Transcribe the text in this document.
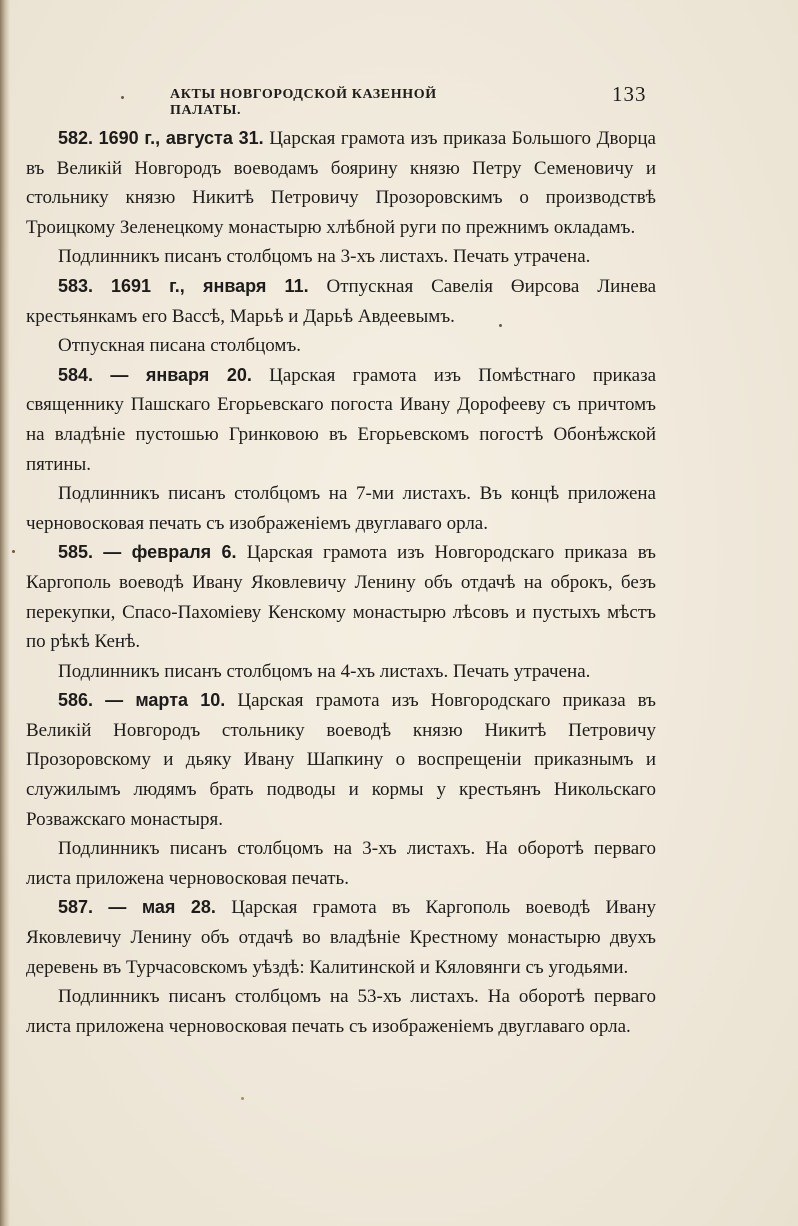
АКТЫ НОВГОРОДСКОЙ КАЗЕННОЙ ПАЛАТЫ.
133

582. 1690 г., августа 31. Царская грамота изъ приказа Большого Дворца въ Великій Новгородъ воеводамъ боярину князю Петру Семеновичу и стольнику князю Никитѣ Петровичу Прозоровскимъ о производствѣ Троицкому Зеленецкому монастырю хлѣбной руги по прежнимъ окладамъ.

Подлинникъ писанъ столбцомъ на 3-хъ листахъ. Печать утрачена.

583. 1691 г., января 11. Отпускная Савелія Өирсова Линева крестьянкамъ его Вассѣ, Марьѣ и Дарьѣ Авдеевымъ.

Отпускная писана столбцомъ.

584. — января 20. Царская грамота изъ Помѣстнаго приказа священнику Пашскаго Егорьевскаго погоста Ивану Дорофееву съ причтомъ на владѣніе пустошью Гринковою въ Егорьевскомъ погостѣ Обонѣжской пятины.

Подлинникъ писанъ столбцомъ на 7-ми листахъ. Въ концѣ приложена черновосковая печать съ изображеніемъ двуглаваго орла.

585. — февраля 6. Царская грамота изъ Новгородскаго приказа въ Каргополь воеводѣ Ивану Яковлевичу Ленину объ отдачѣ на оброкъ, безъ перекупки, Спасо-Пахоміеву Кенскому монастырю лѣсовъ и пустыхъ мѣстъ по рѣкѣ Кенѣ.

Подлинникъ писанъ столбцомъ на 4-хъ листахъ. Печать утрачена.

586. — марта 10. Царская грамота изъ Новгородскаго приказа въ Великій Новгородъ стольнику воеводѣ князю Никитѣ Петровичу Прозоровскому и дьяку Ивану Шапкину о воспрещеніи приказнымъ и служилымъ людямъ брать подводы и кормы у крестьянъ Никольскаго Розважскаго монастыря.

Подлинникъ писанъ столбцомъ на 3-хъ листахъ. На оборотѣ перваго листа приложена черновосковая печать.

587. — мая 28. Царская грамота въ Каргополь воеводѣ Ивану Яковлевичу Ленину объ отдачѣ во владѣніе Крестному монастырю двухъ деревень въ Турчасовскомъ уѣздѣ: Калитинской и Кяловянги съ угодьями.

Подлинникъ писанъ столбцомъ на 53-хъ листахъ. На оборотѣ перваго листа приложена черновосковая печать съ изображеніемъ двуглаваго орла.
